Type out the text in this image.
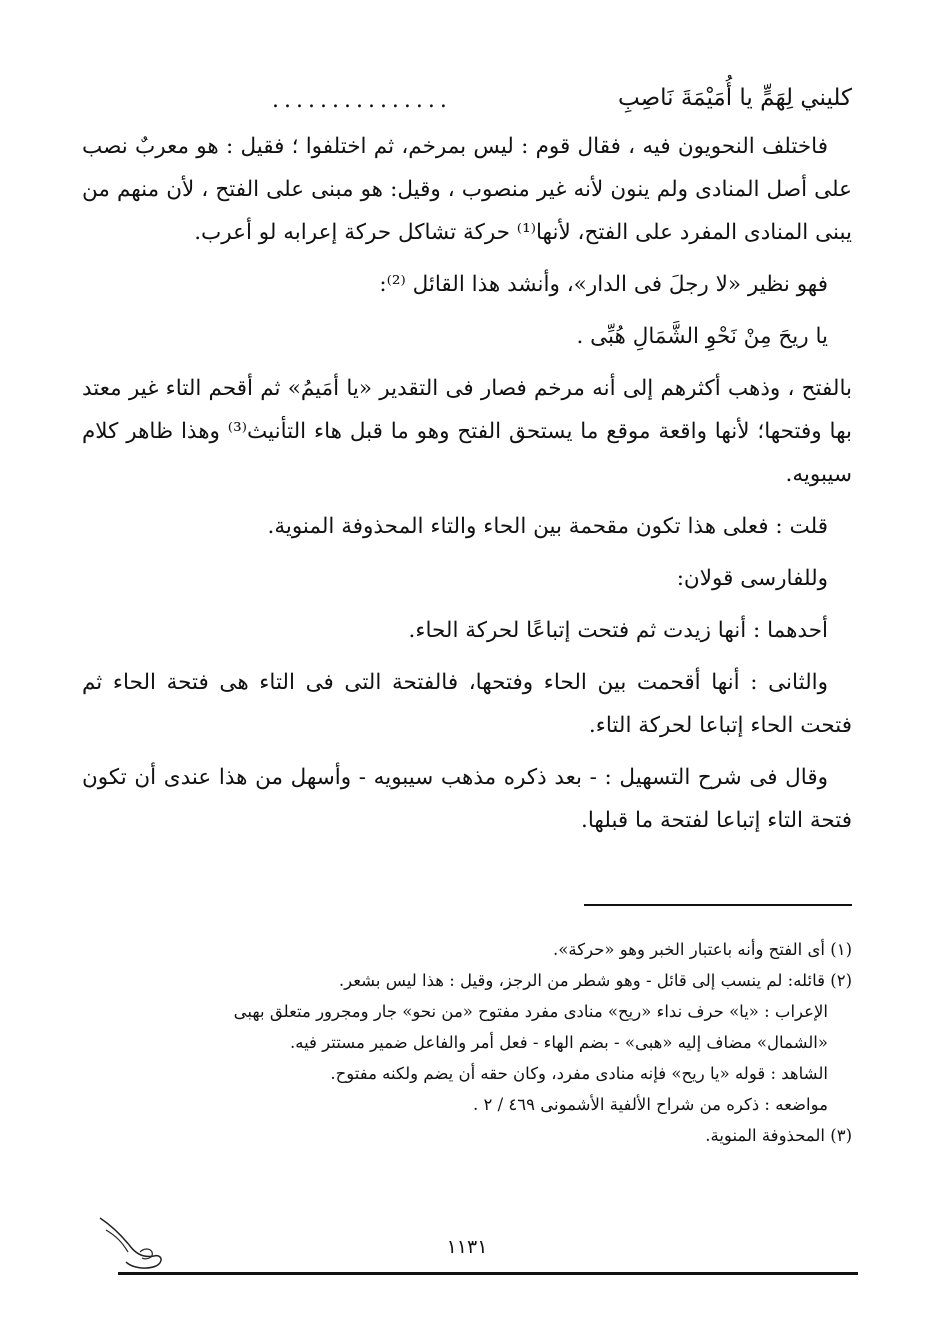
كليني لِهَمٍّ يا أُمَيْمَةَ نَاصِبِ
...............

فاختلف النحويون فيه ، فقال قوم : ليس بمرخم، ثم اختلفوا ؛ فقيل : هو معربٌ نصب على أصل المنادى ولم ينون لأنه غير منصوب ، وقيل: هو مبنى على الفتح ، لأن منهم من يبنى المنادى المفرد على الفتح، لأنها⁽¹⁾ حركة تشاكل حركة إعرابه لو أعرب.

فهو نظير «لا رجلَ فى الدار»، وأنشد هذا القائل ⁽²⁾:

يا ريحَ مِنْ نَحْوِ الشَّمَالِ هُبِّى .

بالفتح ، وذهب أكثرهم إلى أنه مرخم فصار فى التقدير «يا أمَيمُ» ثم أقحم التاء غير معتد بها وفتحها؛ لأنها واقعة موقع ما يستحق الفتح وهو ما قبل هاء التأنيث⁽³⁾ وهذا ظاهر كلام سيبويه.

قلت : فعلى هذا تكون مقحمة بين الحاء والتاء المحذوفة المنوية.

وللفارسى قولان:

أحدهما : أنها زيدت ثم فتحت إتباعًا لحركة الحاء.

والثانى : أنها أقحمت بين الحاء وفتحها، فالفتحة التى فى التاء هى فتحة الحاء ثم فتحت الحاء إتباعا لحركة التاء.

وقال فى شرح التسهيل : - بعد ذكره مذهب سيبويه - وأسهل من هذا عندى أن تكون فتحة التاء إتباعا لفتحة ما قبلها.

(١) أى الفتح وأنه باعتبار الخبر وهو «حركة».
(٢) قائله: لم ينسب إلى قائل - وهو شطر من الرجز، وقيل : هذا ليس بشعر.
الإعراب : «يا» حرف نداء «ريح» منادى مفرد مفتوح «من نحو» جار ومجرور متعلق بهبى
«الشمال» مضاف إليه «هبى» - بضم الهاء - فعل أمر والفاعل ضمير مستتر فيه.
الشاهد : قوله «يا ريح» فإنه منادى مفرد، وكان حقه أن يضم ولكنه مفتوح.
مواضعه : ذكره من شراح الألفية الأشمونى ٤٦٩ / ٢ .
(٣) المحذوفة المنوية.
١١٣١
